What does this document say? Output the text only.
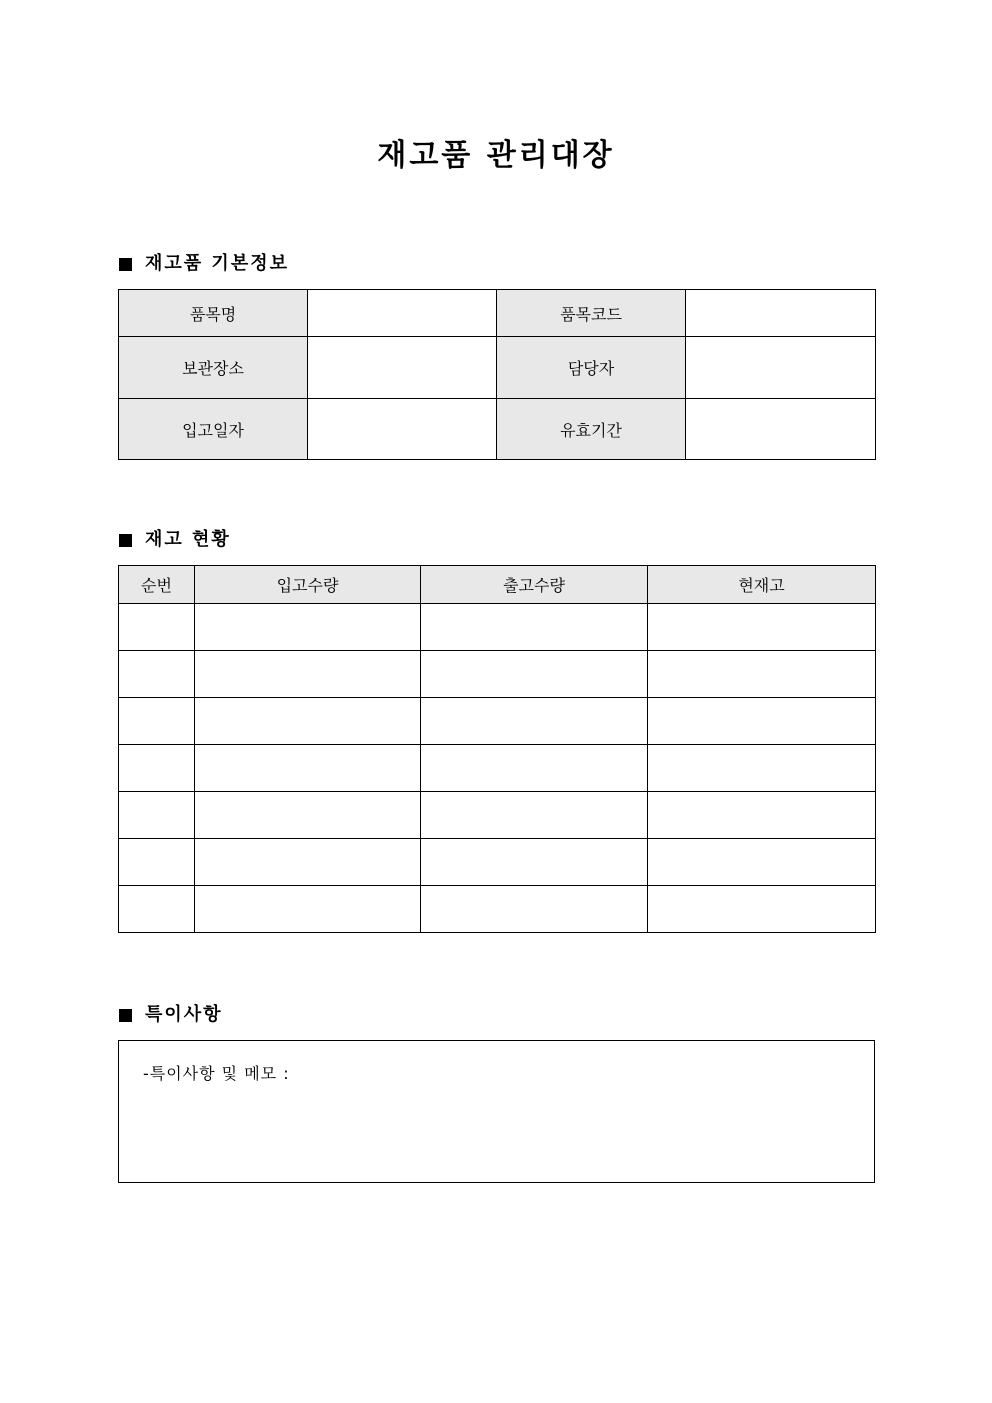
재고품 관리대장
재고품 기본정보
품목명		품목코드	
보관장소		담당자	
입고일자		유효기간	
재고 현황
순번	입고수량	출고수량	현재고

특이사항
-특이사항 및 메모 :
